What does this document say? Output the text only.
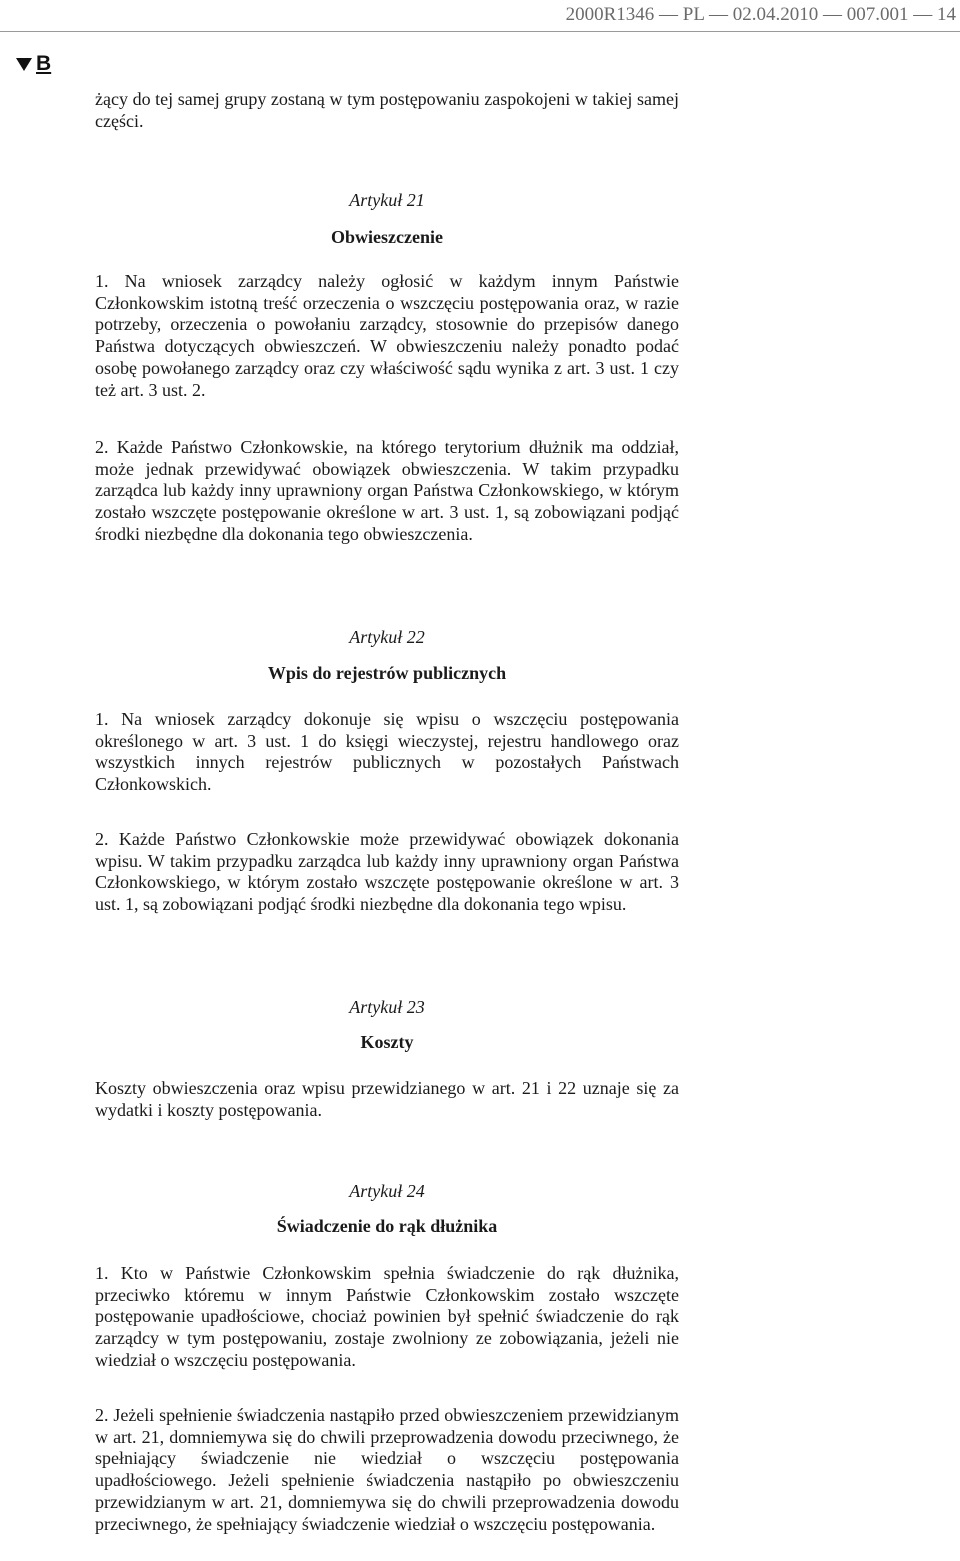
2000R1346 — PL — 02.04.2010 — 007.001 — 14
B

żący do tej samej grupy zostaną w tym postępowaniu zaspokojeni w takiej samej części.

Artykuł 21
Obwieszczenie

1. Na wniosek zarządcy należy ogłosić w każdym innym Państwie Członkowskim istotną treść orzeczenia o wszczęciu postępowania oraz, w razie potrzeby, orzeczenia o powołaniu zarządcy, stosownie do przepisów danego Państwa dotyczących obwieszczeń. W obwieszczeniu należy ponadto podać osobę powołanego zarządcy oraz czy właściwość sądu wynika z art. 3 ust. 1 czy też art. 3 ust. 2.

2. Każde Państwo Członkowskie, na którego terytorium dłużnik ma oddział, może jednak przewidywać obowiązek obwieszczenia. W takim przypadku zarządca lub każdy inny uprawniony organ Państwa Członkowskiego, w którym zostało wszczęte postępowanie określone w art. 3 ust. 1, są zobowiązani podjąć środki niezbędne dla dokonania tego obwieszczenia.

Artykuł 22
Wpis do rejestrów publicznych

1. Na wniosek zarządcy dokonuje się wpisu o wszczęciu postępowania określonego w art. 3 ust. 1 do księgi wieczystej, rejestru handlowego oraz wszystkich innych rejestrów publicznych w pozostałych Państwach Członkowskich.

2. Każde Państwo Członkowskie może przewidywać obowiązek dokonania wpisu. W takim przypadku zarządca lub każdy inny uprawniony organ Państwa Członkowskiego, w którym zostało wszczęte postępowanie określone w art. 3 ust. 1, są zobowiązani podjąć środki niezbędne dla dokonania tego wpisu.

Artykuł 23
Koszty

Koszty obwieszczenia oraz wpisu przewidzianego w art. 21 i 22 uznaje się za wydatki i koszty postępowania.

Artykuł 24
Świadczenie do rąk dłużnika

1. Kto w Państwie Członkowskim spełnia świadczenie do rąk dłużnika, przeciwko któremu w innym Państwie Członkowskim zostało wszczęte postępowanie upadłościowe, chociaż powinien był spełnić świadczenie do rąk zarządcy w tym postępowaniu, zostaje zwolniony ze zobowiązania, jeżeli nie wiedział o wszczęciu postępowania.

2. Jeżeli spełnienie świadczenia nastąpiło przed obwieszczeniem przewidzianym w art. 21, domniemywa się do chwili przeprowadzenia dowodu przeciwnego, że spełniający świadczenie nie wiedział o wszczęciu postępowania upadłościowego. Jeżeli spełnienie świadczenia nastąpiło po obwieszczeniu przewidzianym w art. 21, domniemywa się do chwili przeprowadzenia dowodu przeciwnego, że spełniający świadczenie wiedział o wszczęciu postępowania.
